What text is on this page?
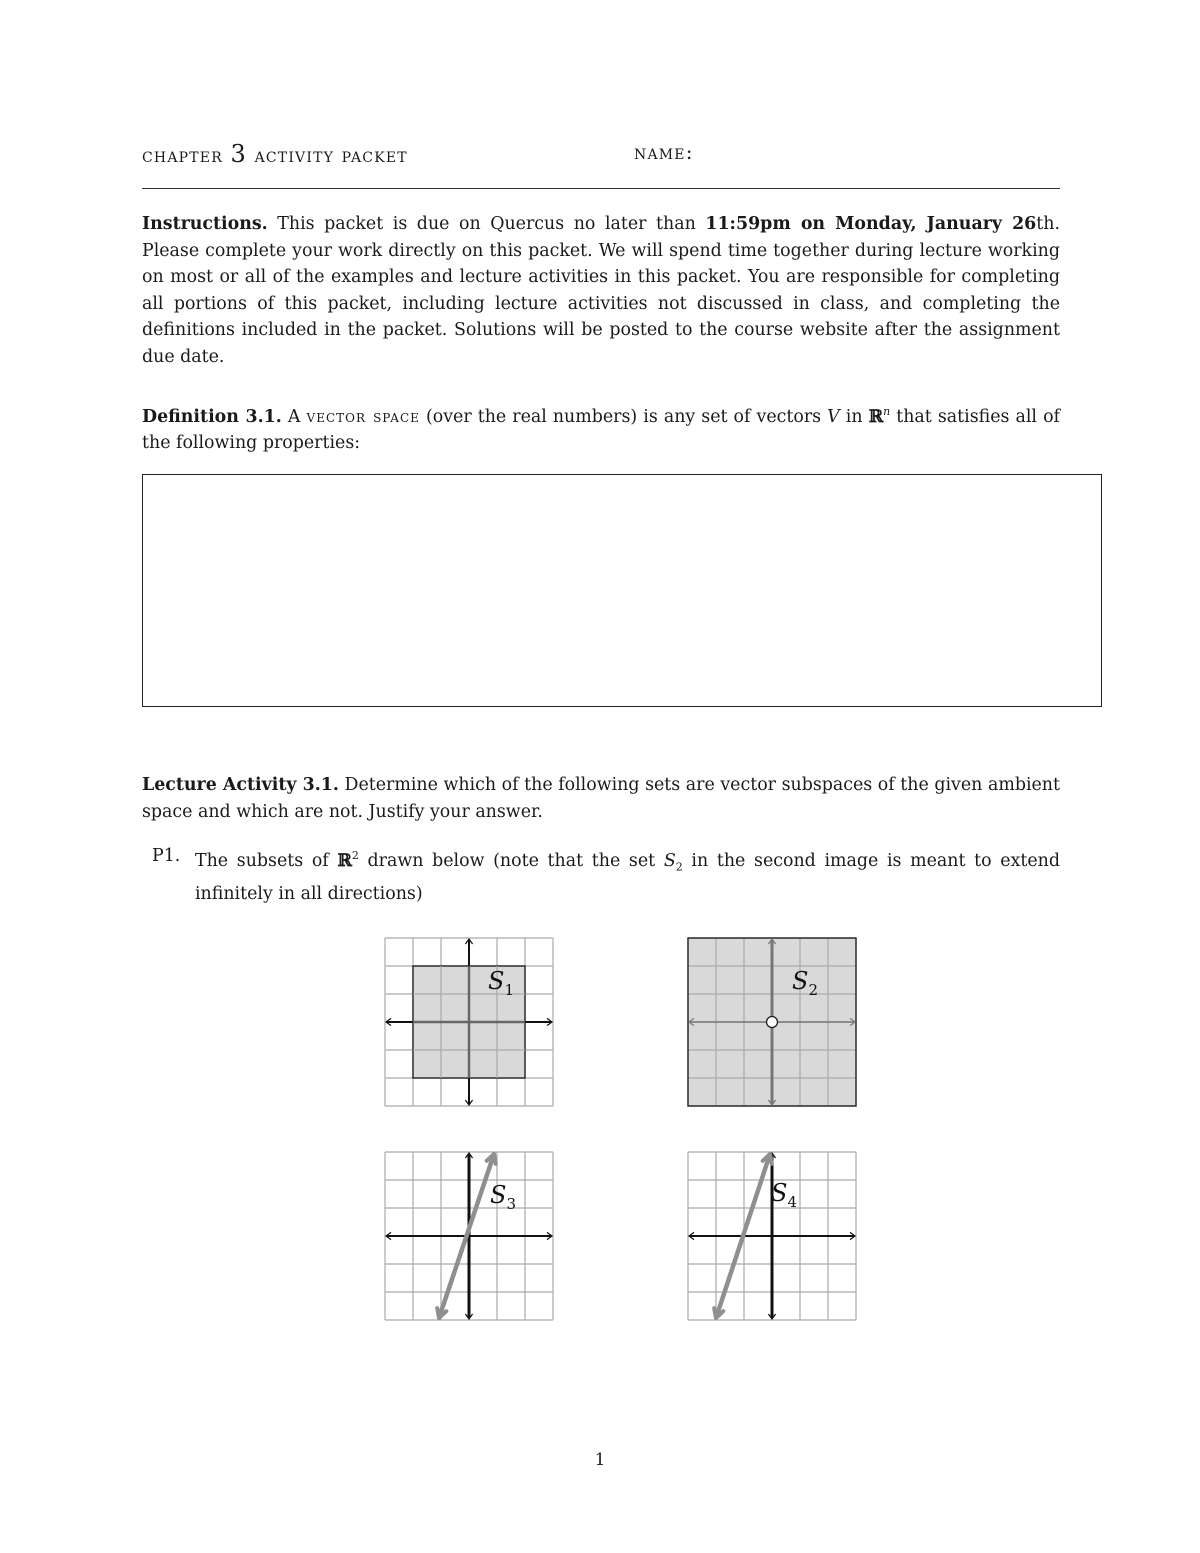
chapter 3 activity packet	name:

Instructions. This packet is due on Quercus no later than 11:59pm on Monday, January 26th. Please complete your work directly on this packet. We will spend time together during lecture working on most or all of the examples and lecture activities in this packet. You are responsible for completing all portions of this packet, including lecture activities not discussed in class, and completing the definitions included in the packet. Solutions will be posted to the course website after the assignment due date.

Definition 3.1. A vector space (over the real numbers) is any set of vectors V in ℝ$^n$ that satisfies all of the following properties:

Lecture Activity 3.1. Determine which of the following sets are vector subspaces of the given ambient space and which are not. Justify your answer.

P1. The subsets of ℝ$^2$ drawn below (note that the set $S_2$ in the second image is meant to extend infinitely in all directions)
$S_1$	$S_2$
$S_3$	$S_4$
1
